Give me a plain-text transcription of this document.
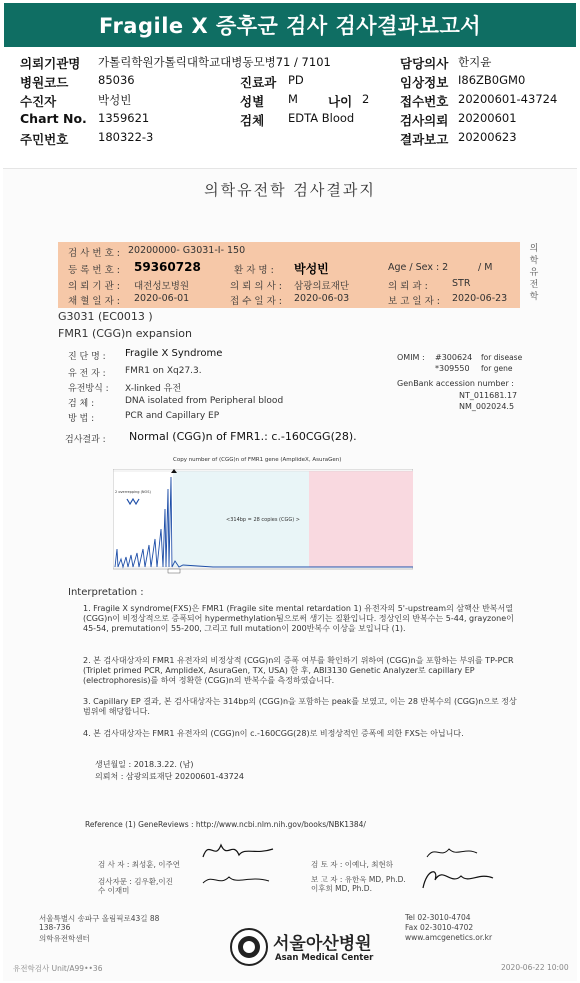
Fragile X 증후군 검사 검사결과보고서
의뢰기관명 가톨릭학원가톨릭대학교대병동모병71 / 7101	담당의사 한지윤
병원코드	85036	진료과 PD	임상정보 I86ZB0GM0
수진자	박성빈	성별 M 나이 2 접수번호 20200601-43724
Chart No. 1359621	검체 EDTA Blood	검사의뢰 20200601
주민번호	180322-3	결과보고 20200623
의학유전학 검사결과지
검 사 번 호 : 20200000- G3031-I- 150
등 록 번 호 : 59360728	환 자 명 : 박성빈	Age / Sex : 2	/ M
의 뢰 기 관 : 대전성모병원	의 뢰 의 사 : 삼광의료재단	의 뢰 과 :	STR
채 혈 일 자 : 2020-06-01	접 수 일 자 : 2020-06-03	보 고 일 자 : 2020-06-23
의학유전학
G3031 (EC0013 )
FMR1 (CGG)n expansion
진 단 명 : Fragile X Syndrome
유 전 자 : FMR1 on Xq27.3.
유전방식 : X-linked 유전
검 체 :	DNA isolated from Peripheral blood
방 법 :	PCR and Capillary EP
OMIM : #300624 for disease
*309550 for gene
GenBank accession number :
NT_011681.17
NM_002024.5
검사결과 : Normal (CGG)n of FMR1.: c.-160CGG(28).
Copy number of (CGG)n of FMR1 gene (AmplideX, AsuraGen)
<314bp = 28 copies (CGG) >
2 overrepping (NOS)
Interpretation :
1. Fragile X syndrome(FXS)은 FMR1 (Fragile site mental retardation 1) 유전자의 5'-upstream의 삼핵산 반복서열 (CGG)n이 비정상적으로 증폭되어 hypermethylation됨으로써 생기는 질환입니다. 정상인의 반복수는 5-44, grayzone이 45-54, premutation이 55-200, 그리고 full mutation이 200반복수 이상을 보입니다 (1).
2. 본 검사대상자의 FMR1 유전자의 비정상적 (CGG)n의 증폭 여부를 확인하기 위하여 (CGG)n을 포함하는 부위를 TP-PCR (Triplet primed PCR, AmplideX, AsuraGen, TX, USA) 한 후, ABI3130 Genetic Analyzer로 capillary EP (electrophoresis)를 하여 정확한 (CGG)n의 반복수를 측정하였습니다.
3. Capillary EP 결과, 본 검사대상자는 314bp의 (CGG)n을 포함하는 peak를 보였고, 이는 28 반복수의 (CGG)n으로 정상범위에 해당합니다.
4. 본 검사대상자는 FMR1 유전자의 (CGG)n이 c.-160CGG(28)로 비정상적인 증폭에 의한 FXS는 아닙니다.
생년월일 : 2018.3.22. (남)
의뢰처 : 삼광의료재단 20200601-43724
Reference (1) GeneReviews : http://www.ncbi.nlm.nih.gov/books/NBK1384/
검 사 자 : 최성훈, 이주연	검 토 자 : 이예나, 최현하
검사자문 : 김우환,이진수 이재미
보 고 자 : 유한욱 MD, Ph.D. 이후희 MD, Ph.D.
서울특별시 송파구 올림픽로43길 88
138-736
의학유전학센터	서울아산병원
Asan Medical Center
Tel 02-3010-4704
Fax 02-3010-4702
www.amcgenetics.or.kr
유전학검사 Unit/A99••36	2020-06-22 10:00
